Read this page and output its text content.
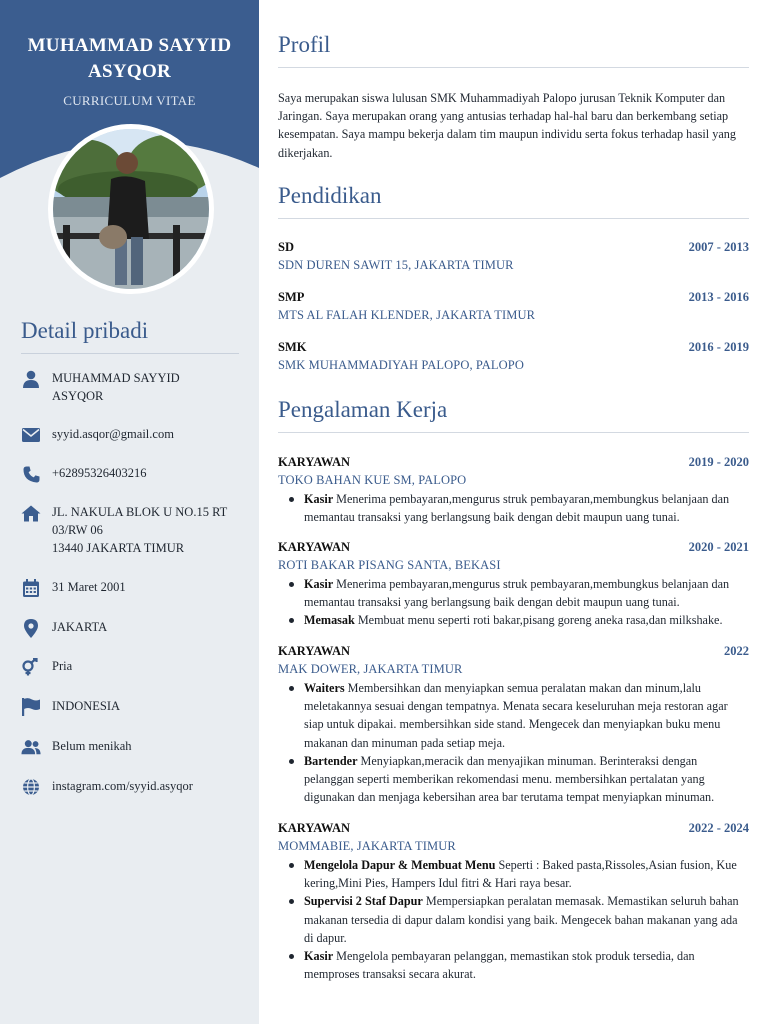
MUHAMMAD SAYYID
ASYQOR
CURRICULUM VITAE
Detail pribadi
MUHAMMAD SAYYID
ASYQOR
syyid.asqor@gmail.com
+62895326403216
JL. NAKULA BLOK U NO.15 RT
03/RW 06
13440 JAKARTA TIMUR
31 Maret 2001
JAKARTA
Pria
INDONESIA
Belum menikah
instagram.com/syyid.asyqor
Profil
Saya merupakan siswa lulusan SMK Muhammadiyah Palopo jurusan Teknik Komputer dan Jaringan. Saya merupakan orang yang antusias terhadap hal-hal baru dan berkembang setiap kesempatan. Saya mampu bekerja dalam tim maupun individu serta fokus terhadap hasil yang dikerjakan.
Pendidikan
SD	2007 - 2013
SDN DUREN SAWIT 15, JAKARTA TIMUR
SMP	2013 - 2016
MTS AL FALAH KLENDER, JAKARTA TIMUR
SMK	2016 - 2019
SMK MUHAMMADIYAH PALOPO, PALOPO
Pengalaman Kerja
KARYAWAN	2019 - 2020
TOKO BAHAN KUE SM, PALOPO
Kasir Menerima pembayaran,mengurus struk pembayaran,membungkus belanjaan dan memantau transaksi yang berlangsung baik dengan debit maupun uang tunai.
KARYAWAN	2020 - 2021
ROTI BAKAR PISANG SANTA, BEKASI
Kasir Menerima pembayaran,mengurus struk pembayaran,membungkus belanjaan dan memantau transaksi yang berlangsung baik dengan debit maupun uang tunai.
Memasak Membuat menu seperti roti bakar,pisang goreng aneka rasa,dan milkshake.
KARYAWAN	2022
MAK DOWER, JAKARTA TIMUR
Waiters Membersihkan dan menyiapkan semua peralatan makan dan minum,lalu meletakannya sesuai dengan tempatnya. Menata secara keseluruhan meja restoran agar siap untuk dipakai. membersihkan side stand. Mengecek dan menyiapkan buku menu makanan dan minuman pada setiap meja.
Bartender Menyiapkan,meracik dan menyajikan minuman. Berinteraksi dengan pelanggan seperti memberikan rekomendasi menu. membersihkan pertalatan yang digunakan dan menjaga kebersihan area bar terutama tempat menyiapkan minuman.
KARYAWAN	2022 - 2024
MOMMABIE, JAKARTA TIMUR
Mengelola Dapur & Membuat Menu Seperti : Baked pasta,Rissoles,Asian fusion, Kue kering,Mini Pies, Hampers Idul fitri & Hari raya besar.
Supervisi 2 Staf Dapur Mempersiapkan peralatan memasak. Memastikan seluruh bahan makanan tersedia di dapur dalam kondisi yang baik. Mengecek bahan makanan yang ada di dapur.
Kasir Mengelola pembayaran pelanggan, memastikan stok produk tersedia, dan memproses transaksi secara akurat.
